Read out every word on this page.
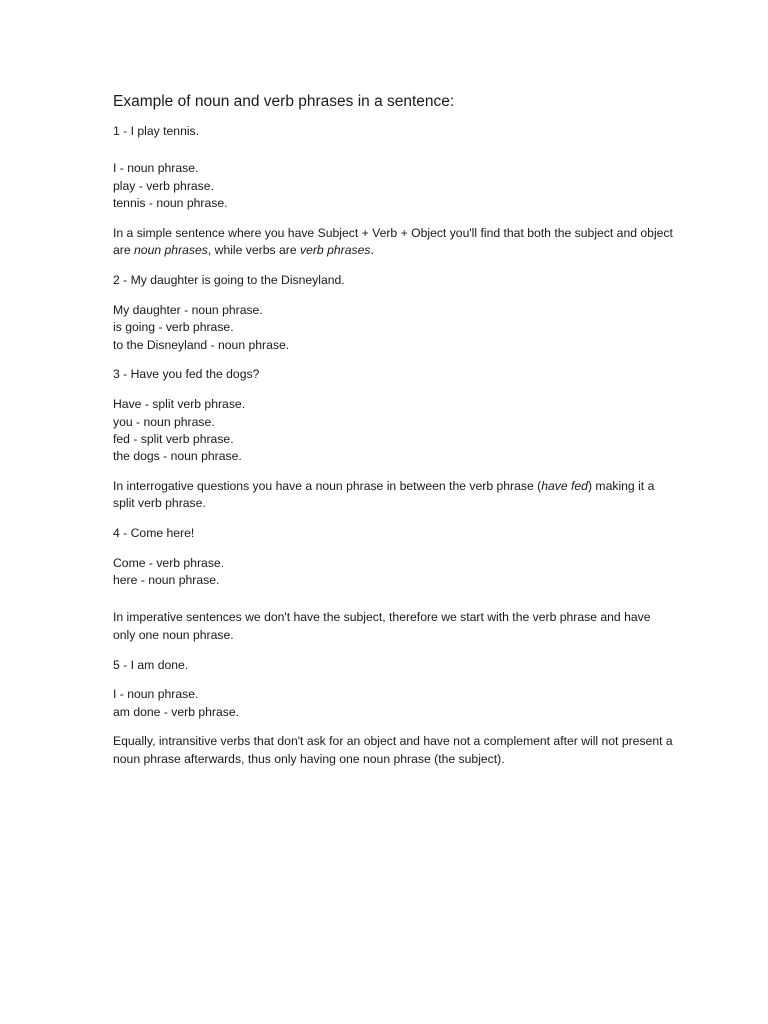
Example of noun and verb phrases in a sentence:

1 - I play tennis.

I - noun phrase.

play - verb phrase.

tennis - noun phrase.

In a simple sentence where you have Subject + Verb + Object you'll find that both the subject and object are noun phrases, while verbs are verb phrases.

2 - My daughter is going to the Disneyland.

My daughter - noun phrase.

is going - verb phrase.

to the Disneyland - noun phrase.

3 - Have you fed the dogs?

Have - split verb phrase.

you - noun phrase.

fed - split verb phrase.

the dogs - noun phrase.

In interrogative questions you have a noun phrase in between the verb phrase (have fed) making it a split verb phrase.

4 - Come here!

Come - verb phrase.

here - noun phrase.

In imperative sentences we don't have the subject, therefore we start with the verb phrase and have only one noun phrase.

5 - I am done.

I - noun phrase.

am done - verb phrase.

Equally, intransitive verbs that don't ask for an object and have not a complement after will not present a noun phrase afterwards, thus only having one noun phrase (the subject).
